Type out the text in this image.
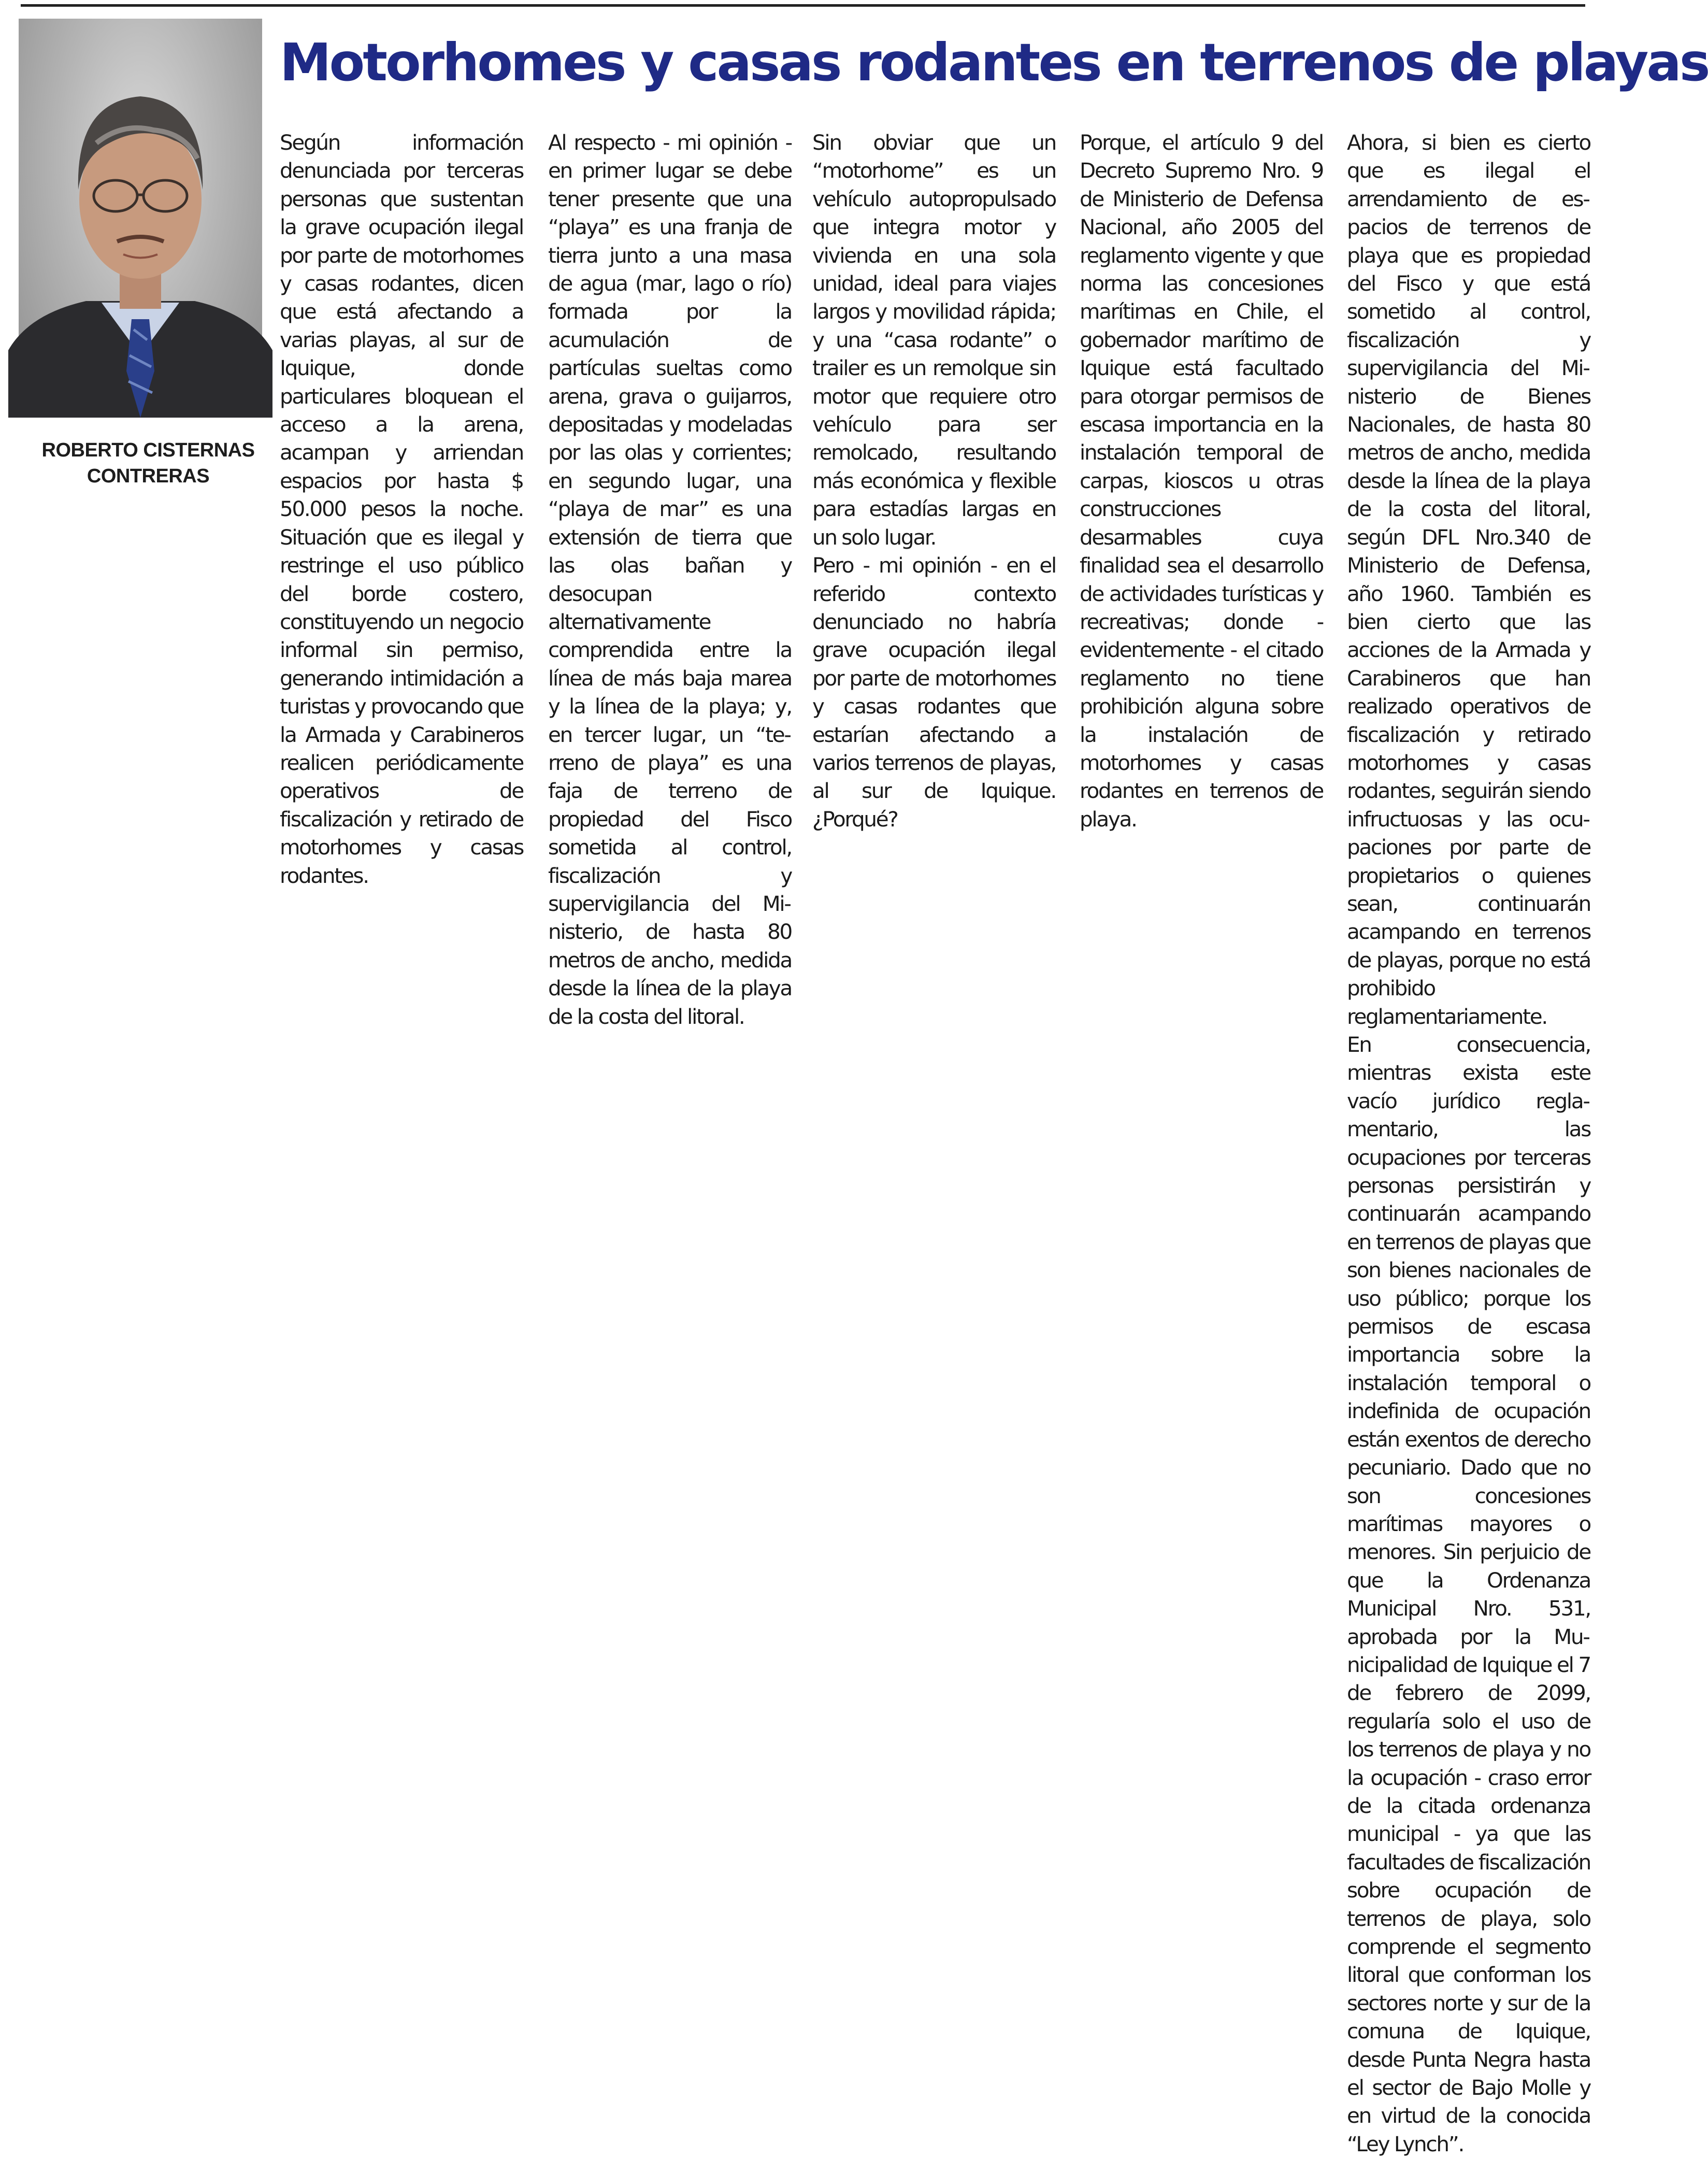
ROBERTO CISTERNAS
CONTRERAS
Motorhomes y casas rodantes en terrenos de playas

Según información denunciada por terceras personas que sustentan la grave ocupación ilegal por parte de motorhomes y casas rodantes, dicen que está afectando a varias playas, al sur de Iquique, donde particulares bloquean el acceso a la arena, acampan y arriendan espacios por hasta $ 50.000 pesos la noche. Situación que es ilegal y restringe el uso público del borde costero, constituyendo un negocio informal sin permiso, generando intimidación a turistas y provocando que la Armada y Carabineros realicen periódicamente operativos de fiscalización y retirado de motorhomes y casas rodantes.

Al respecto - mi opinión - en primer lugar se debe tener presente que una “playa” es una franja de tierra junto a una masa de agua (mar, lago o río) formada por la acumulación de partículas sueltas como arena, grava o guijarros, depositadas y modeladas por las olas y corrientes; en segundo lugar, una “playa de mar” es una extensión de tierra que las olas bañan y desocupan alternativamente comprendida entre la línea de más baja marea y la línea de la playa; y, en tercer lugar, un “terreno de playa” es una faja de terreno de propiedad del Fisco sometida al control, fiscalización y supervigilancia del Ministerio, de hasta 80 metros de ancho, medida desde la línea de la playa de la costa del litoral.

Sin obviar que un “motorhome” es un vehículo autopropulsado que integra motor y vivienda en una sola unidad, ideal para viajes largos y movilidad rápida; y una “casa rodante” o trailer es un remolque sin motor que requiere otro vehículo para ser remolcado, resultando más económica y flexible para estadías largas en un solo lugar.

Pero - mi opinión - en el referido contexto denunciado no habría grave ocupación ilegal por parte de motorhomes y casas rodantes que estarían afectando a varios terrenos de playas, al sur de Iquique. ¿Porqué?

Porque, el artículo 9 del Decreto Supremo Nro. 9 de Ministerio de Defensa Nacional, año 2005 del reglamento vigente y que norma las concesiones marítimas en Chile, el gobernador marítimo de Iquique está facultado para otorgar permisos de escasa importancia en la instalación temporal de carpas, kioscos u otras construcciones desarmables cuya finalidad sea el desarrollo de actividades turísticas y recreativas; donde - evidentemente - el citado reglamento no tiene prohibición alguna sobre la instalación de motorhomes y casas rodantes en terrenos de playa.

Ahora, si bien es cierto que es ilegal el arrendamiento de espacios de terrenos de playa que es propiedad del Fisco y que está sometido al control, fiscalización y supervigilancia del Ministerio de Bienes Nacionales, de hasta 80 metros de ancho, medida desde la línea de la playa de la costa del litoral, según DFL Nro.340 de Ministerio de Defensa, año 1960. También es bien cierto que las acciones de la Armada y Carabineros que han realizado operativos de fiscalización y retirado motorhomes y casas rodantes, seguirán siendo infructuosas y las ocupaciones por parte de propietarios o quienes sean, continuarán acampando en terrenos de playas, porque no está prohibido reglamentariamente.

En consecuencia, mientras exista este vacío jurídico reglamentario, las ocupaciones por terceras personas persistirán y continuarán acampando en terrenos de playas que son bienes nacionales de uso público; porque los permisos de escasa importancia sobre la instalación temporal o indefinida de ocupación están exentos de derecho pecuniario. Dado que no son concesiones marítimas mayores o menores. Sin perjuicio de que la Ordenanza Municipal Nro. 531, aprobada por la Municipalidad de Iquique el 7 de febrero de 2099, regularía solo el uso de los terrenos de playa y no la ocupación - craso error de la citada ordenanza municipal - ya que las facultades de fiscalización sobre ocupación de terrenos de playa, solo comprende el segmento litoral que conforman los sectores norte y sur de la comuna de Iquique, desde Punta Negra hasta el sector de Bajo Molle y en virtud de la conocida “Ley Lynch”.
